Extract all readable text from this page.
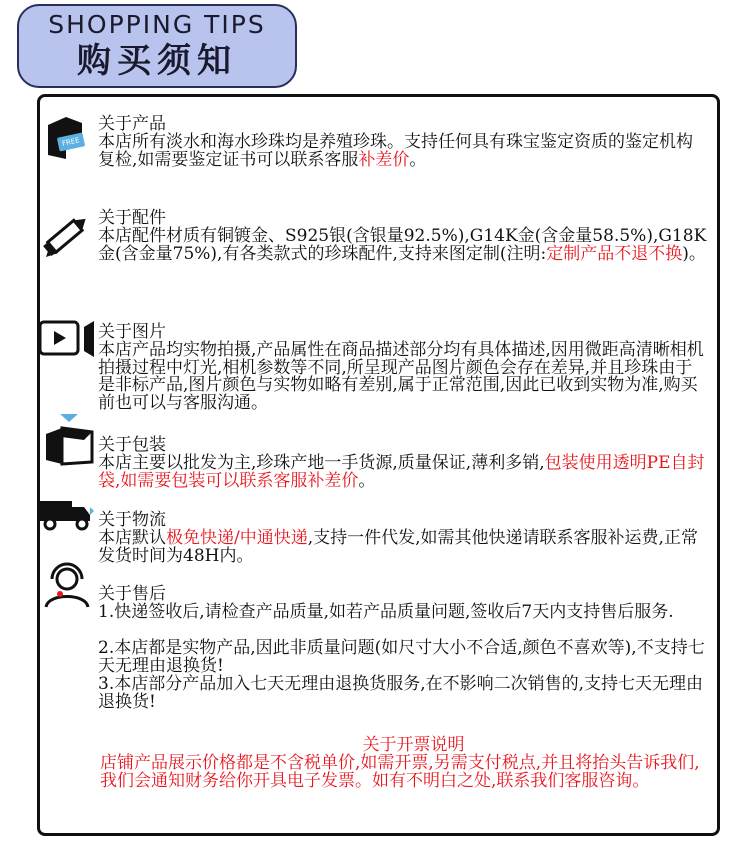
SHOPPING TIPS
购买须知
FREE
关于产品
本店所有淡水和海水珍珠均是养殖珍珠。支持任何具有珠宝鉴定资质的鉴定机构复检,如需要鉴定证书可以联系客服补差价。
关于配件
本店配件材质有铜镀金、S925银(含银量92.5%),G14K金(含金量58.5%),G18K金(含金量75%),有各类款式的珍珠配件,支持来图定制(注明:定制产品不退不换)。
关于图片
本店产品均实物拍摄,产品属性在商品描述部分均有具体描述,因用微距高清晰相机拍摄过程中灯光,相机参数等不同,所呈现产品图片颜色会存在差异,并且珍珠由于是非标产品,图片颜色与实物如略有差别,属于正常范围,因此已收到实物为准,购买前也可以与客服沟通。
关于包装
本店主要以批发为主,珍珠产地一手货源,质量保证,薄利多销,包装使用透明PE自封袋,如需要包装可以联系客服补差价。
关于物流
本店默认极免快递/中通快递,支持一件代发,如需其他快递请联系客服补运费,正常发货时间为48H内。
关于售后
1.快递签收后,请检查产品质量,如若产品质量问题,签收后7天内支持售后服务.
2.本店都是实物产品,因此非质量问题(如尺寸大小不合适,颜色不喜欢等),不支持七天无理由退换货!
3.本店部分产品加入七天无理由退换货服务,在不影响二次销售的,支持七天无理由退换货!
关于开票说明
店铺产品展示价格都是不含税单价,如需开票,另需支付税点,并且将抬头告诉我们,我们会通知财务给你开具电子发票。如有不明白之处,联系我们客服咨询。
